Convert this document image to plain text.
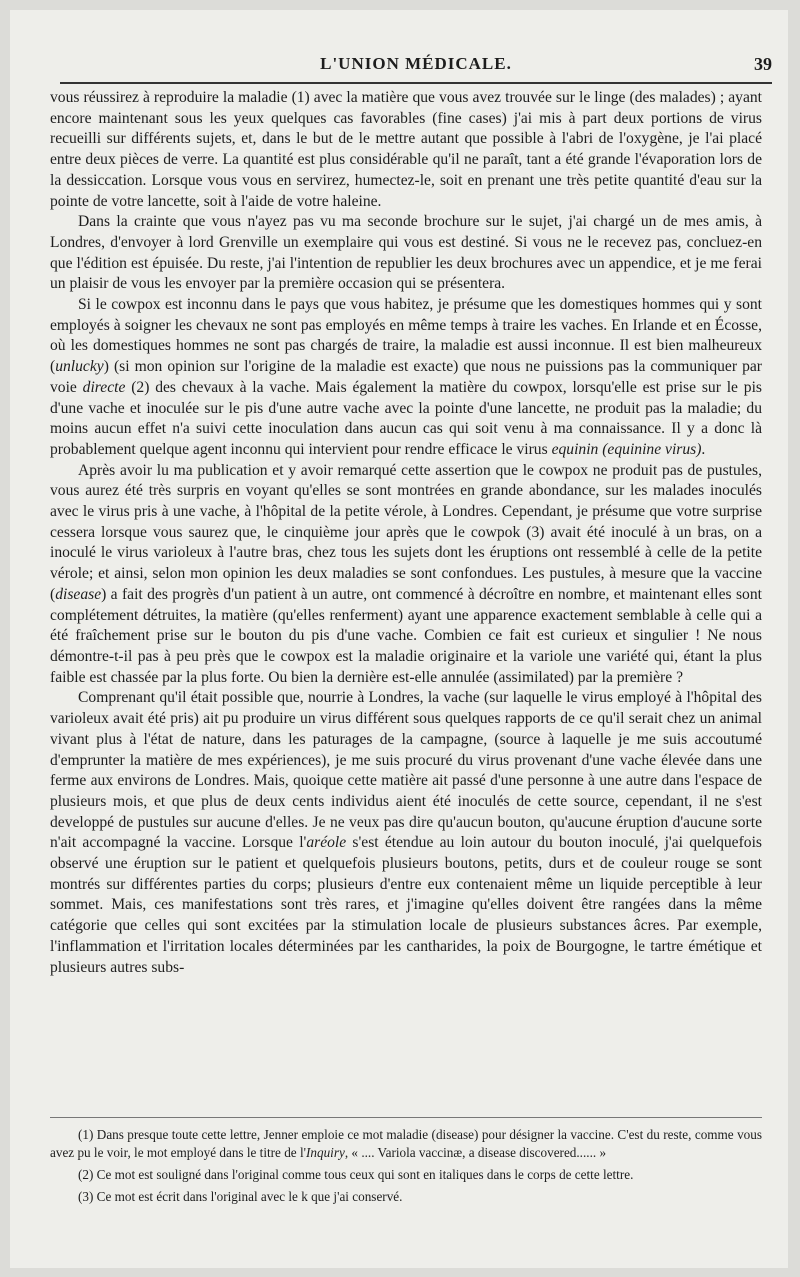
L'UNION MÉDICALE.	39

vous réussirez à reproduire la maladie (1) avec la matière que vous avez trouvée sur le linge (des malades) ; ayant encore maintenant sous les yeux quelques cas favorables (fine cases) j'ai mis à part deux portions de virus recueilli sur différents sujets, et, dans le but de le mettre autant que possible à l'abri de l'oxygène, je l'ai placé entre deux pièces de verre. La quantité est plus considérable qu'il ne paraît, tant a été grande l'évaporation lors de la dessiccation. Lorsque vous vous en servirez, humectez-le, soit en prenant une très petite quantité d'eau sur la pointe de votre lancette, soit à l'aide de votre haleine.

Dans la crainte que vous n'ayez pas vu ma seconde brochure sur le sujet, j'ai chargé un de mes amis, à Londres, d'envoyer à lord Grenville un exemplaire qui vous est destiné. Si vous ne le recevez pas, concluez-en que l'édition est épuisée. Du reste, j'ai l'intention de republier les deux brochures avec un appendice, et je me ferai un plaisir de vous les envoyer par la première occasion qui se présentera.

Si le cowpox est inconnu dans le pays que vous habitez, je présume que les domestiques hommes qui y sont employés à soigner les chevaux ne sont pas employés en même temps à traire les vaches. En Irlande et en Écosse, où les domestiques hommes ne sont pas chargés de traire, la maladie est aussi inconnue. Il est bien malheureux (unlucky) (si mon opinion sur l'origine de la maladie est exacte) que nous ne puissions pas la communiquer par voie directe (2) des chevaux à la vache. Mais également la matière du cowpox, lorsqu'elle est prise sur le pis d'une vache et inoculée sur le pis d'une autre vache avec la pointe d'une lancette, ne produit pas la maladie; du moins aucun effet n'a suivi cette inoculation dans aucun cas qui soit venu à ma connaissance. Il y a donc là probablement quelque agent inconnu qui intervient pour rendre efficace le virus equinin (equinine virus).

Après avoir lu ma publication et y avoir remarqué cette assertion que le cowpox ne produit pas de pustules, vous aurez été très surpris en voyant qu'elles se sont montrées en grande abondance, sur les malades inoculés avec le virus pris à une vache, à l'hôpital de la petite vérole, à Londres. Cependant, je présume que votre surprise cessera lorsque vous saurez que, le cinquième jour après que le cowpok (3) avait été inoculé à un bras, on a inoculé le virus varioleux à l'autre bras, chez tous les sujets dont les éruptions ont ressemblé à celle de la petite vérole; et ainsi, selon mon opinion les deux maladies se sont confondues. Les pustules, à mesure que la vaccine (disease) a fait des progrès d'un patient à un autre, ont commencé à décroître en nombre, et maintenant elles sont complétement détruites, la matière (qu'elles renferment) ayant une apparence exactement semblable à celle qui a été fraîchement prise sur le bouton du pis d'une vache. Combien ce fait est curieux et singulier ! Ne nous démontre-t-il pas à peu près que le cowpox est la maladie originaire et la variole une variété qui, étant la plus faible est chassée par la plus forte. Ou bien la dernière est-elle annulée (assimilated) par la première ?

Comprenant qu'il était possible que, nourrie à Londres, la vache (sur laquelle le virus employé à l'hôpital des varioleux avait été pris) ait pu produire un virus différent sous quelques rapports de ce qu'il serait chez un animal vivant plus à l'état de nature, dans les paturages de la campagne, (source à laquelle je me suis accoutumé d'emprunter la matière de mes expériences), je me suis procuré du virus provenant d'une vache élevée dans une ferme aux environs de Londres. Mais, quoique cette matière ait passé d'une personne à une autre dans l'espace de plusieurs mois, et que plus de deux cents individus aient été inoculés de cette source, cependant, il ne s'est developpé de pustules sur aucune d'elles. Je ne veux pas dire qu'aucun bouton, qu'aucune éruption d'aucune sorte n'ait accompagné la vaccine. Lorsque l'aréole s'est étendue au loin autour du bouton inoculé, j'ai quelquefois observé une éruption sur le patient et quelquefois plusieurs boutons, petits, durs et de couleur rouge se sont montrés sur différentes parties du corps; plusieurs d'entre eux contenaient même un liquide perceptible à leur sommet. Mais, ces manifestations sont très rares, et j'imagine qu'elles doivent être rangées dans la même catégorie que celles qui sont excitées par la stimulation locale de plusieurs substances âcres. Par exemple, l'inflammation et l'irritation locales déterminées par les cantharides, la poix de Bourgogne, le tartre émétique et plusieurs autres subs-

(1) Dans presque toute cette lettre, Jenner emploie ce mot maladie (disease) pour désigner la vaccine. C'est du reste, comme vous avez pu le voir, le mot employé dans le titre de l'Inquiry, « .... Variola vaccinæ, a disease discovered...... »

(2) Ce mot est souligné dans l'original comme tous ceux qui sont en italiques dans le corps de cette lettre.

(3) Ce mot est écrit dans l'original avec le k que j'ai conservé.
